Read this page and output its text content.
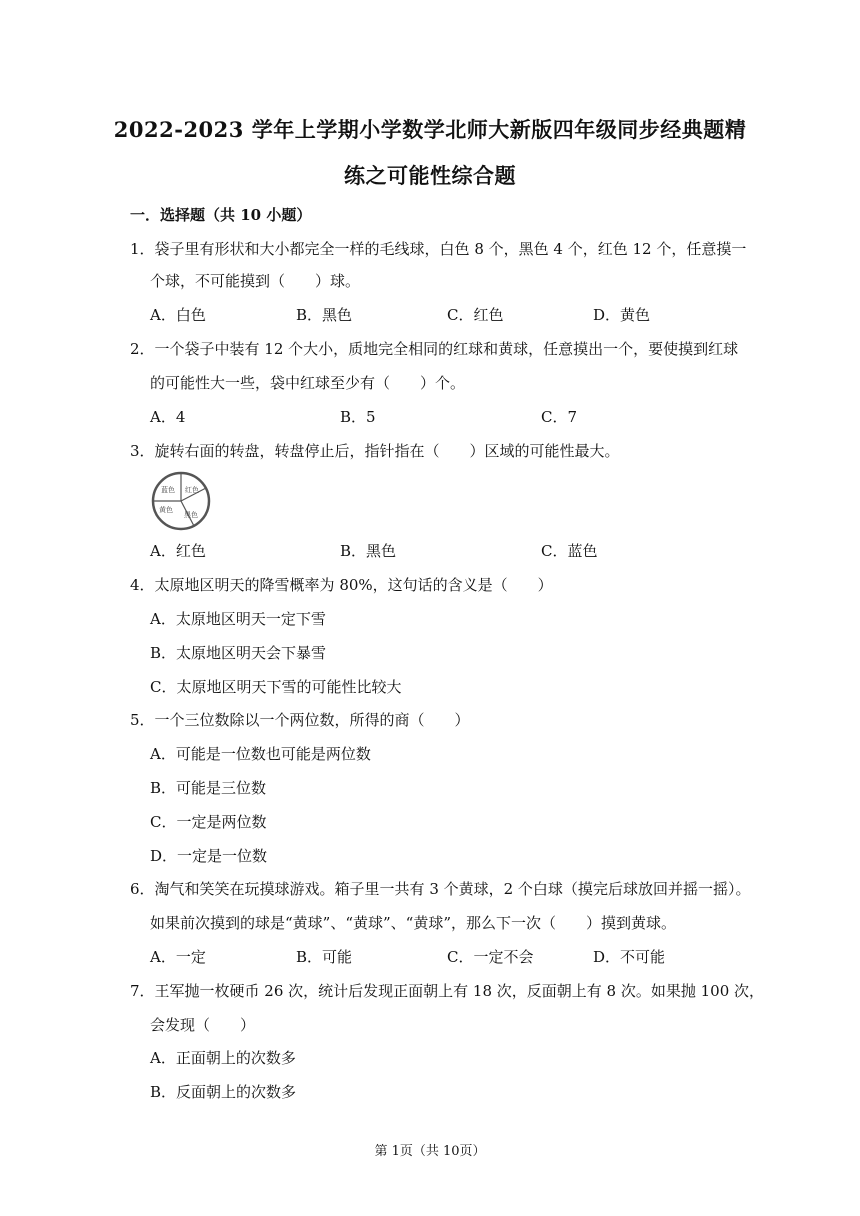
2022-2023 学年上学期小学数学北师大新版四年级同步经典题精
练之可能性综合题
一．选择题（共 10 小题）
1．袋子里有形状和大小都完全一样的毛线球，白色 8 个，黑色 4 个，红色 12 个，任意摸一
个球，不可能摸到（　　）球。
A．白色	B．黑色	C．红色	D．黄色
2．一个袋子中装有 12 个大小，质地完全相同的红球和黄球，任意摸出一个，要使摸到红球
的可能性大一些，袋中红球至少有（　　）个。
A．4	B．5	C．7
3．旋转右面的转盘，转盘停止后，指针指在（　　）区域的可能性最大。
蓝色 红色
黄色
黑色
A．红色	B．黑色	C．蓝色
4．太原地区明天的降雪概率为 80%，这句话的含义是（　　）
A．太原地区明天一定下雪
B．太原地区明天会下暴雪
C．太原地区明天下雪的可能性比较大
5．一个三位数除以一个两位数，所得的商（　　）
A．可能是一位数也可能是两位数
B．可能是三位数
C．一定是两位数
D．一定是一位数
6．淘气和笑笑在玩摸球游戏。箱子里一共有 3 个黄球，2 个白球（摸完后球放回并摇一摇）。
如果前次摸到的球是“黄球”、“黄球”、“黄球”，那么下一次（　　）摸到黄球。
A．一定	B．可能	C．一定不会	D．不可能
7．王军抛一枚硬币 26 次，统计后发现正面朝上有 18 次，反面朝上有 8 次。如果抛 100 次，
会发现（　　）
A．正面朝上的次数多
B．反面朝上的次数多
第 1页（共 10页）
